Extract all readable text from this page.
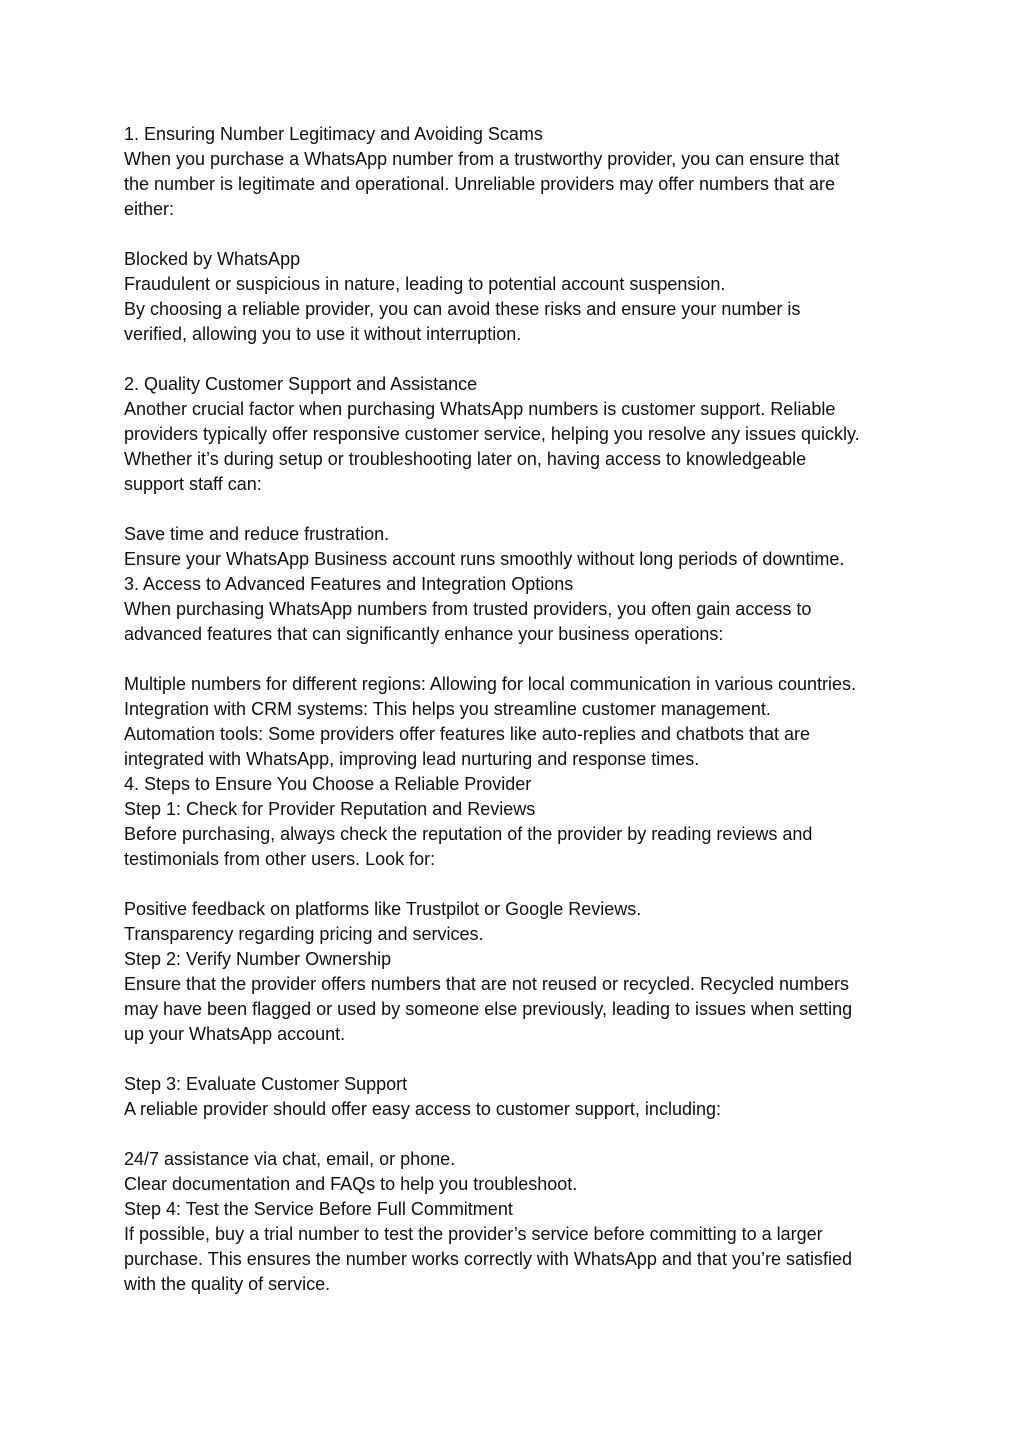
1. Ensuring Number Legitimacy and Avoiding Scams
When you purchase a WhatsApp number from a trustworthy provider, you can ensure that
the number is legitimate and operational. Unreliable providers may offer numbers that are
either:
Blocked by WhatsApp
Fraudulent or suspicious in nature, leading to potential account suspension.
By choosing a reliable provider, you can avoid these risks and ensure your number is
verified, allowing you to use it without interruption.
2. Quality Customer Support and Assistance
Another crucial factor when purchasing WhatsApp numbers is customer support. Reliable
providers typically offer responsive customer service, helping you resolve any issues quickly.
Whether it’s during setup or troubleshooting later on, having access to knowledgeable
support staff can:
Save time and reduce frustration.
Ensure your WhatsApp Business account runs smoothly without long periods of downtime.
3. Access to Advanced Features and Integration Options
When purchasing WhatsApp numbers from trusted providers, you often gain access to
advanced features that can significantly enhance your business operations:
Multiple numbers for different regions: Allowing for local communication in various countries.
Integration with CRM systems: This helps you streamline customer management.
Automation tools: Some providers offer features like auto-replies and chatbots that are
integrated with WhatsApp, improving lead nurturing and response times.
4. Steps to Ensure You Choose a Reliable Provider
Step 1: Check for Provider Reputation and Reviews
Before purchasing, always check the reputation of the provider by reading reviews and
testimonials from other users. Look for:
Positive feedback on platforms like Trustpilot or Google Reviews.
Transparency regarding pricing and services.
Step 2: Verify Number Ownership
Ensure that the provider offers numbers that are not reused or recycled. Recycled numbers
may have been flagged or used by someone else previously, leading to issues when setting
up your WhatsApp account.
Step 3: Evaluate Customer Support
A reliable provider should offer easy access to customer support, including:
24/7 assistance via chat, email, or phone.
Clear documentation and FAQs to help you troubleshoot.
Step 4: Test the Service Before Full Commitment
If possible, buy a trial number to test the provider’s service before committing to a larger
purchase. This ensures the number works correctly with WhatsApp and that you’re satisfied
with the quality of service.
